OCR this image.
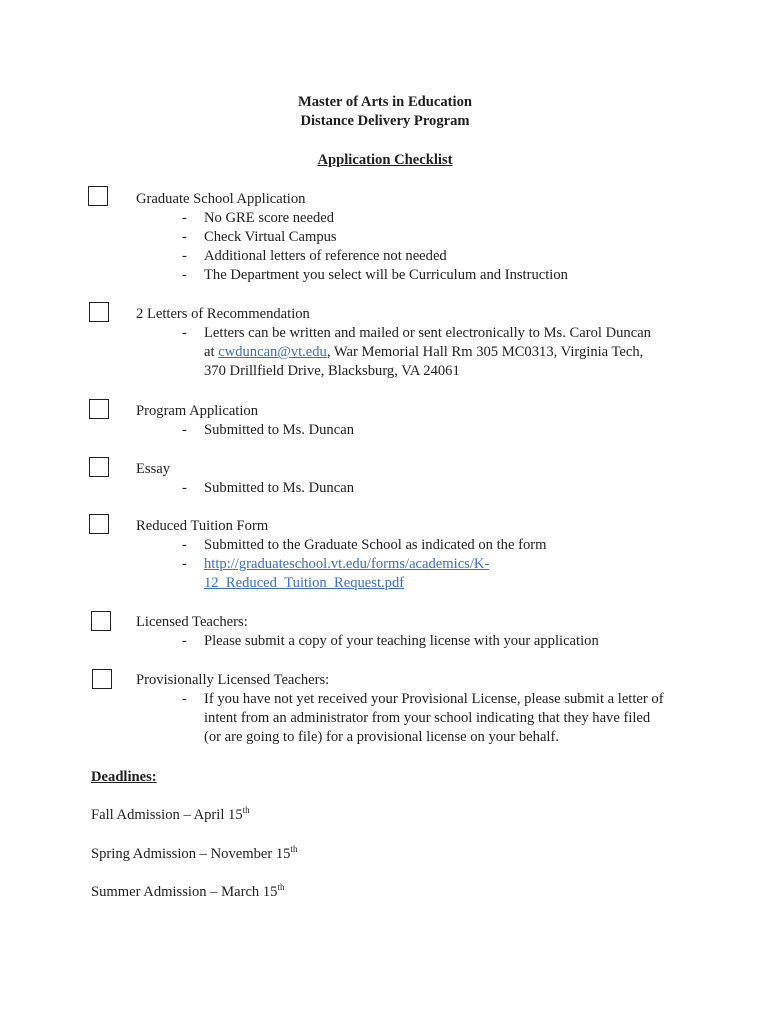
Master of Arts in Education
Distance Delivery Program
Application Checklist
Graduate School Application
- No GRE score needed
- Check Virtual Campus
- Additional letters of reference not needed
- The Department you select will be Curriculum and Instruction
2 Letters of Recommendation
- Letters can be written and mailed or sent electronically to Ms. Carol Duncan
at cwduncan@vt.edu, War Memorial Hall Rm 305 MC0313, Virginia Tech,
370 Drillfield Drive, Blacksburg, VA 24061
Program Application
- Submitted to Ms. Duncan
Essay
- Submitted to Ms. Duncan
Reduced Tuition Form
- Submitted to the Graduate School as indicated on the form
- http://graduateschool.vt.edu/forms/academics/K-
12_Reduced_Tuition_Request.pdf
Licensed Teachers:
- Please submit a copy of your teaching license with your application
Provisionally Licensed Teachers:
- If you have not yet received your Provisional License, please submit a letter of
intent from an administrator from your school indicating that they have filed
(or are going to file) for a provisional license on your behalf.
Deadlines:
Fall Admission – April 15th
Spring Admission – November 15th
Summer Admission – March 15th
